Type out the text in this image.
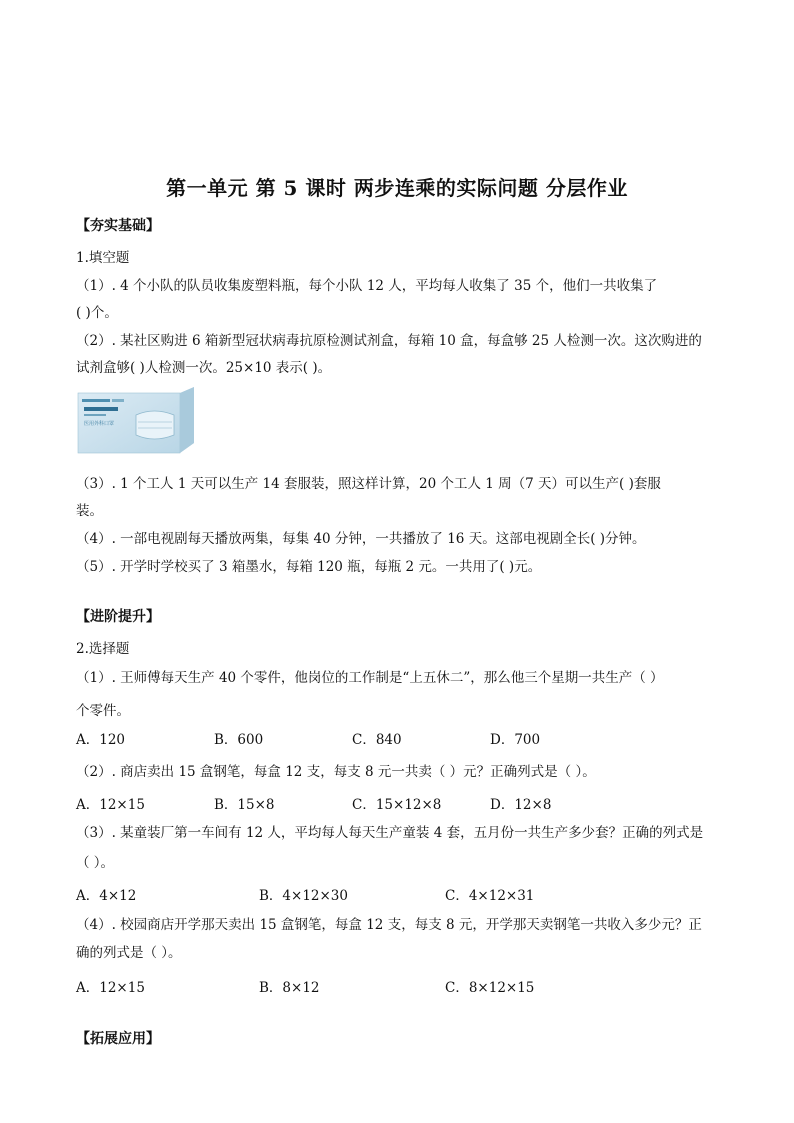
第一单元 第 5 课时 两步连乘的实际问题 分层作业
【夯实基础】
1.填空题
（1）. 4 个小队的队员收集废塑料瓶，每个小队 12 人，平均每人收集了 35 个，他们一共收集了
( )个。
（2）. 某社区购进 6 箱新型冠状病毒抗原检测试剂盒，每箱 10 盒，每盒够 25 人检测一次。这次购进的
试剂盒够( )人检测一次。25×10 表示( )。
医用外科口罩
（3）. 1 个工人 1 天可以生产 14 套服装，照这样计算，20 个工人 1 周（7 天）可以生产( )套服
装。
（4）. 一部电视剧每天播放两集，每集 40 分钟，一共播放了 16 天。这部电视剧全长( )分钟。
（5）. 开学时学校买了 3 箱墨水，每箱 120 瓶，每瓶 2 元。一共用了( )元。
【进阶提升】
2.选择题
（1）. 王师傅每天生产 40 个零件，他岗位的工作制是“上五休二”，那么他三个星期一共生产（ ）
个零件。
A．120	B．600	C．840	D．700
（2）. 商店卖出 15 盒钢笔，每盒 12 支，每支 8 元一共卖（ ）元？正确列式是（ ）。
A．12×15	B．15×8	C．15×12×8	D．12×8
（3）. 某童装厂第一车间有 12 人，平均每人每天生产童装 4 套，五月份一共生产多少套？正确的列式是
（ ）。
A．4×12	B．4×12×30	C．4×12×31
（4）. 校园商店开学那天卖出 15 盒钢笔，每盒 12 支，每支 8 元，开学那天卖钢笔一共收入多少元？正
确的列式是（ ）。
A．12×15	B．8×12	C．8×12×15
【拓展应用】
